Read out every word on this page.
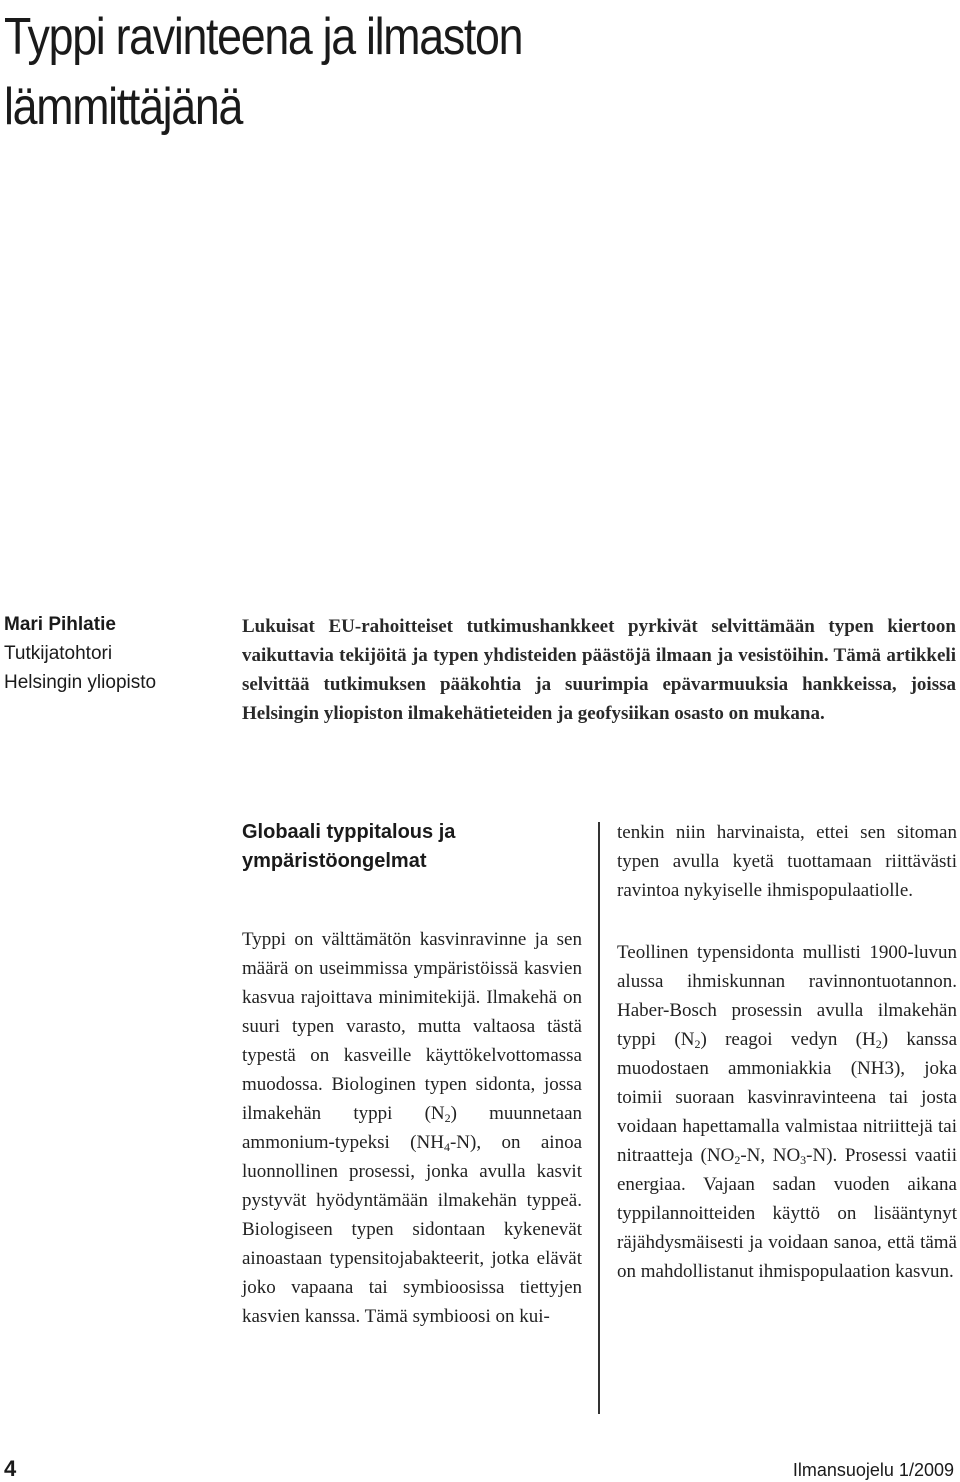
Typpi ravinteena ja ilmaston
lämmittäjänä
Mari Pihlatie
Tutkijatohtori
Helsingin yliopisto
Lukuisat EU-rahoitteiset tutkimushankkeet pyrkivät selvittämään typen kiertoon vaikuttavia tekijöitä ja typen yhdisteiden päästöjä ilmaan ja vesistöihin. Tämä artikkeli selvittää tutkimuksen pääkohtia ja suurimpia epävarmuuksia hankkeissa, joissa Helsingin yliopiston ilmakehätieteiden ja geofysiikan osasto on mukana.
Globaali typpitalous ja
ympäristöongelmat

Typpi on välttämätön kasvinravinne ja sen määrä on useimmissa ympäristöissä kasvien kasvua rajoittava minimitekijä. Ilmakehä on suuri typen varasto, mutta valtaosa tästä typestä on kasveille käyttökelvottomassa muodossa. Biologinen typen sidonta, jossa ilmakehän typpi $(N_2)$ muunnetaan ammonium-typeksi $(NH_4-N)$, on ainoa luonnollinen prosessi, jonka avulla kasvit pystyvät hyödyntämään ilmakehän typpeä. Biologiseen typen sidontaan kykenevät ainoastaan typensitojabakteerit, jotka elävät joko vapaana tai symbioosissa tiettyjen kasvien kanssa. Tämä symbioosi on kui-

tenkin niin harvinaista, ettei sen sitoman typen avulla kyetä tuottamaan riittävästi ravintoa nykyiselle ihmispopulaatiolle.

Teollinen typensidonta mullisti 1900-luvun alussa ihmiskunnan ravinnontuotannon. Haber-Bosch prosessin avulla ilmakehän typpi $(N_2)$ reagoi vedyn $(H_2)$ kanssa muodostaen ammoniakkia (NH3), joka toimii suoraan kasvinravinteena tai josta voidaan hapettamalla valmistaa nitriittejä tai nitraatteja ($NO_2-N$, $NO_3-N$). Prosessi vaatii energiaa. Vajaan sadan vuoden aikana typpilannoitteiden käyttö on lisääntynyt räjähdysmäisesti ja voidaan sanoa, että tämä on mahdollistanut ihmispopulaation kasvun.

4	Ilmansuojelu 1/2009
